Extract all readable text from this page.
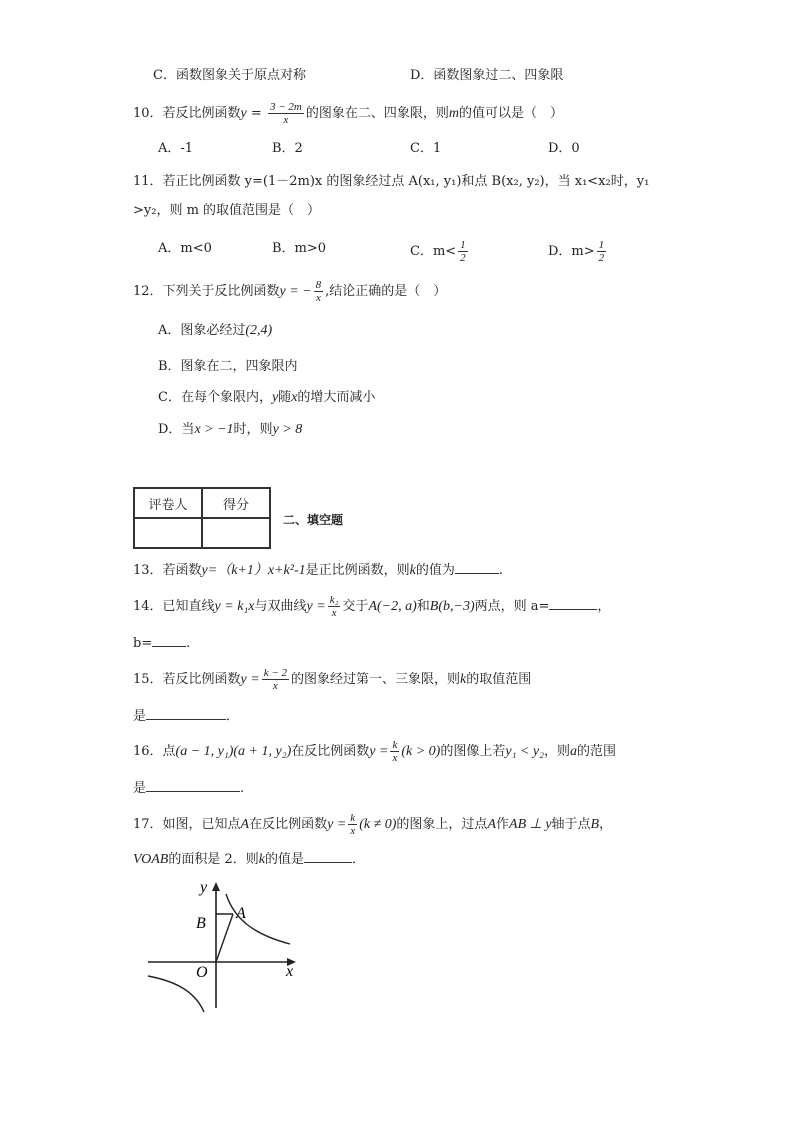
C．函数图象关于原点对称	D．函数图象过二、四象限
10．若反比例函数$y = \frac{3 - 2m}{x}$ 的图象在二、四象限，则m的值可以是（　）
A．-1	B．2	C．1	D．0
11．若正比例函数 y=(1－2m)x 的图象经过点 A(x₁, y₁)和点 B(x₂, y₂)，当 x₁<x₂时，y₁
>y₂，则 m 的取值范围是（　）
A．m<0	B．m>0	C．$m< \frac{1}{2}$	D．$m> \frac{1}{2}$
12．下列关于反比例函数y = − $\frac{8}{x}$ ,结论正确的是（　）
A．图象必经过(2,4)
B．图象在二，四象限内
C．在每个象限内，y随x的增大而减小
D．当x > −1时，则y > 8
评卷人	得分

二、填空题
13．若函数y=（k+1）x+k²-1是正比例函数，则k的值为	.
14．已知直线y = k₁x与双曲线$y = \frac{\text{k₂}}{x}$ 交于A(−2, a)和B(b,−3)两点，则 a=	，
b=	.
15．若反比例函数$y = \frac{k - 2}{x}$ 的图象经过第一、三象限，则k的取值范围
是	．
16．点(a − 1, y₁)(a + 1, y₂)在反比例函数$y = \frac{k}{x} (k > 0)$的图像上若y₁ < y₂，则a的范围
是	.
17．如图，已知点A在反比例函数$y = \frac{k}{x} (k \ne 0)$的图象上，过点A作AB ⊥ y轴于点B，
VOAB的面积是 2．则k的值是	．
y
x
O
B
A
